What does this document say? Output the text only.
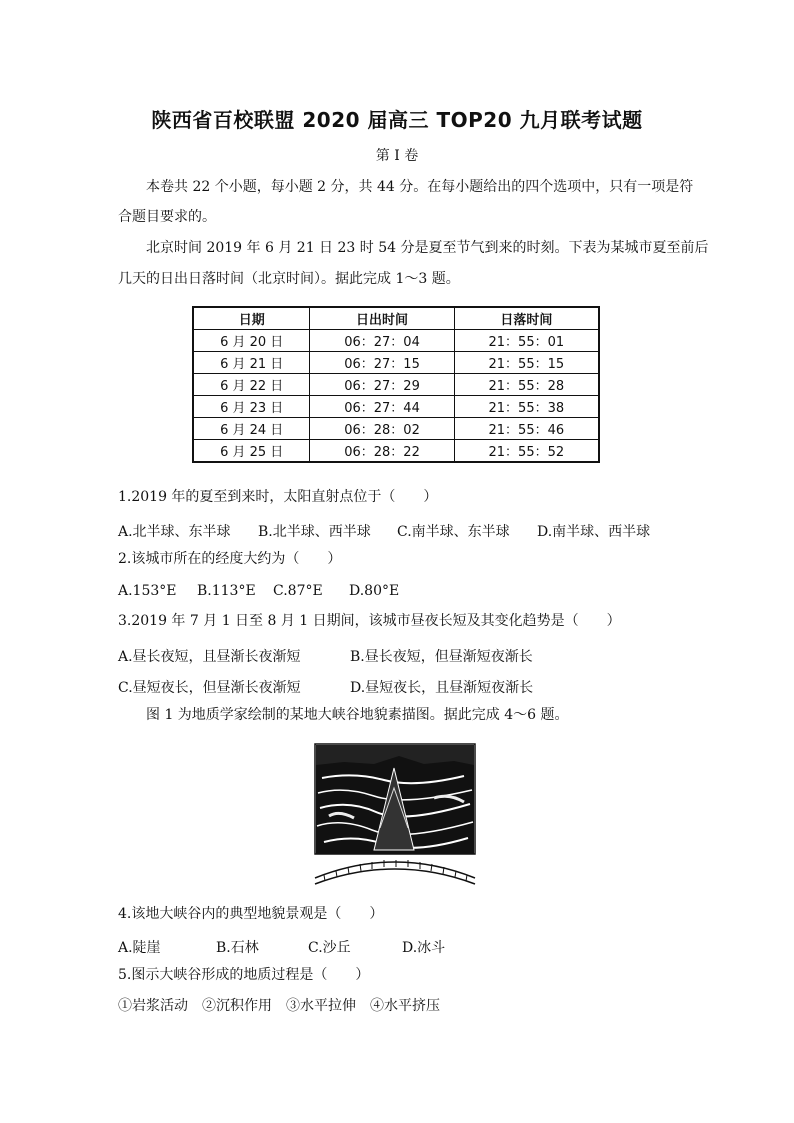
陕西省百校联盟 2020 届高三 TOP20 九月联考试题
第 I 卷
本卷共 22 个小题，每小题 2 分，共 44 分。在每小题给出的四个选项中，只有一项是符
合题目要求的。
北京时间 2019 年 6 月 21 日 23 时 54 分是夏至节气到来的时刻。下表为某城市夏至前后
几天的日出日落时间（北京时间）。据此完成 1～3 题。
日期	日出时间	日落时间
6 月 20 日	06：27：04	21：55：01
6 月 21 日	06：27：15	21：55：15
6 月 22 日	06：27：29	21：55：28
6 月 23 日	06：27：44	21：55：38
6 月 24 日	06：28：02	21：55：46
6 月 25 日	06：28：22	21：55：52
1.2019 年的夏至到来时，太阳直射点位于（　　）
A.北半球、东半球 B.北半球、西半球 C.南半球、东半球 D.南半球、西半球
2.该城市所在的经度大约为（　　）
A.153°E B.113°E C.87°E D.80°E
3.2019 年 7 月 1 日至 8 月 1 日期间，该城市昼夜长短及其变化趋势是（　　）
A.昼长夜短，且昼渐长夜渐短	B.昼长夜短，但昼渐短夜渐长
C.昼短夜长，但昼渐长夜渐短	D.昼短夜长，且昼渐短夜渐长
图 1 为地质学家绘制的某地大峡谷地貌素描图。据此完成 4～6 题。
4.该地大峡谷内的典型地貌景观是（　　）
A.陡崖	B.石林	C.沙丘	D.冰斗
5.图示大峡谷形成的地质过程是（　　）
①岩浆活动　②沉积作用　③水平拉伸　④水平挤压
